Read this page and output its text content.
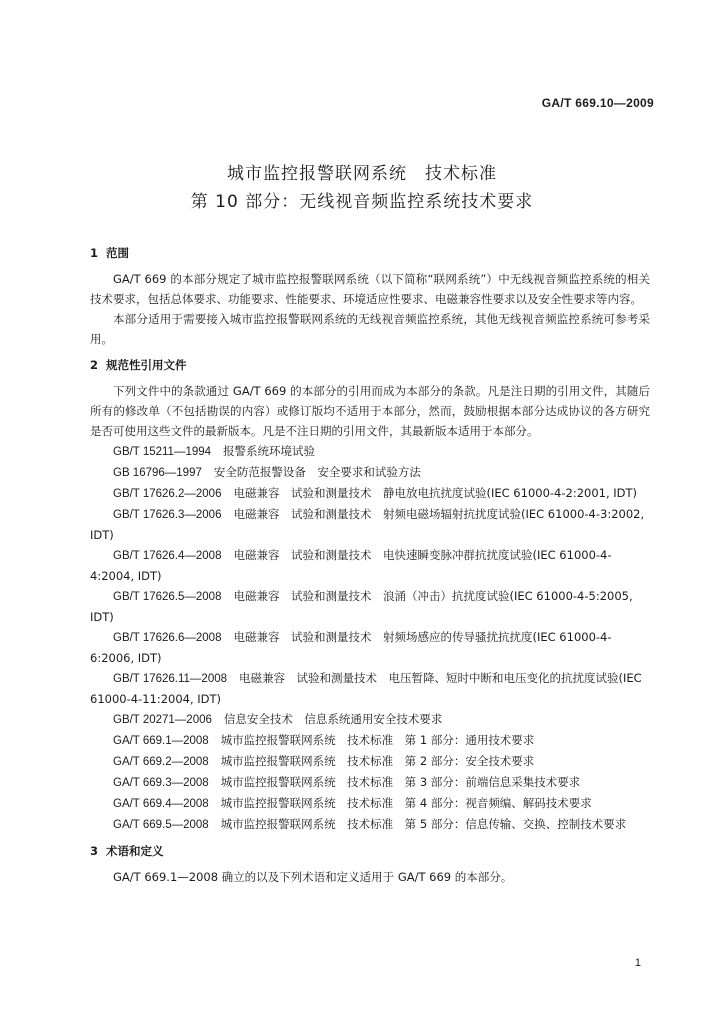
GA/T 669.10—2009
城市监控报警联网系统　技术标准
第 10 部分：无线视音频监控系统技术要求
1 范围

GA/T 669 的本部分规定了城市监控报警联网系统（以下简称“联网系统”）中无线视音频监控系统的相关技术要求，包括总体要求、功能要求、性能要求、环境适应性要求、电磁兼容性要求以及安全性要求等内容。

本部分适用于需要接入城市监控报警联网系统的无线视音频监控系统，其他无线视音频监控系统可参考采用。

2 规范性引用文件

下列文件中的条款通过 GA/T 669 的本部分的引用而成为本部分的条款。凡是注日期的引用文件，其随后所有的修改单（不包括勘误的内容）或修订版均不适用于本部分，然而，鼓励根据本部分达成协议的各方研究是否可使用这些文件的最新版本。凡是不注日期的引用文件，其最新版本适用于本部分。

GB/T 15211—1994 报警系统环境试验
GB 16796—1997 安全防范报警设备　安全要求和试验方法
GB/T 17626.2—2006 电磁兼容　试验和测量技术　静电放电抗扰度试验(IEC 61000-4-2:2001, IDT)
GB/T 17626.3—2006 电磁兼容　试验和测量技术　射频电磁场辐射抗扰度试验(IEC 61000-4-3:2002, IDT)
GB/T 17626.4—2008 电磁兼容　试验和测量技术　电快速瞬变脉冲群抗扰度试验(IEC 61000-4-4:2004, IDT)
GB/T 17626.5—2008 电磁兼容　试验和测量技术　浪涌（冲击）抗扰度试验(IEC 61000-4-5:2005, IDT)
GB/T 17626.6—2008 电磁兼容　试验和测量技术　射频场感应的传导骚扰抗扰度(IEC 61000-4-6:2006, IDT)
GB/T 17626.11—2008 电磁兼容　试验和测量技术　电压暂降、短时中断和电压变化的抗扰度试验(IEC 61000-4-11:2004, IDT)
GB/T 20271—2006 信息安全技术　信息系统通用安全技术要求
GA/T 669.1—2008 城市监控报警联网系统　技术标准　第 1 部分：通用技术要求
GA/T 669.2—2008 城市监控报警联网系统　技术标准　第 2 部分：安全技术要求
GA/T 669.3—2008 城市监控报警联网系统　技术标准　第 3 部分：前端信息采集技术要求
GA/T 669.4—2008 城市监控报警联网系统　技术标准　第 4 部分：视音频编、解码技术要求
GA/T 669.5—2008 城市监控报警联网系统　技术标准　第 5 部分：信息传输、交换、控制技术要求
3 术语和定义

GA/T 669.1—2008 确立的以及下列术语和定义适用于 GA/T 669 的本部分。

1
